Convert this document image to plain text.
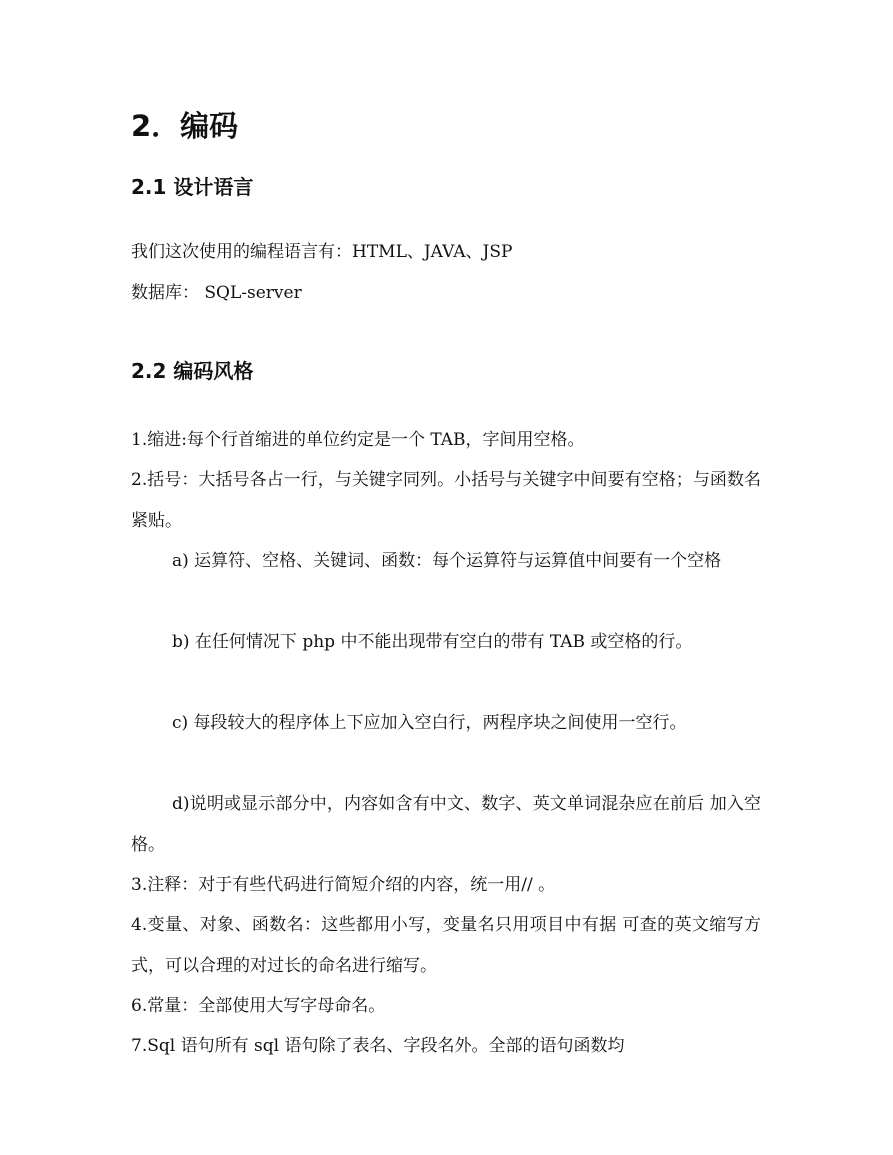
2．编码
2.1 设计语言
我们这次使用的编程语言有：HTML、JAVA、JSP
数据库： SQL-server
2.2 编码风格
1.缩进:每个行首缩进的单位约定是一个 TAB，字间用空格。
2.括号：大括号各占一行，与关键字同列。小括号与关键字中间要有空格；与函数名紧贴。
a) 运算符、空格、关键词、函数：每个运算符与运算值中间要有一个空格
b) 在任何情况下 php 中不能出现带有空白的带有 TAB 或空格的行。
c) 每段较大的程序体上下应加入空白行，两程序块之间使用一空行。
d)说明或显示部分中，内容如含有中文、数字、英文单词混杂应在前后 加入空格。
3.注释：对于有些代码进行简短介绍的内容，统一用// 。
4.变量、对象、函数名：这些都用小写，变量名只用项目中有据 可查的英文缩写方式，可以合理的对过长的命名进行缩写。
6.常量：全部使用大写字母命名。
7.Sql 语句所有 sql 语句除了表名、字段名外。全部的语句函数均
